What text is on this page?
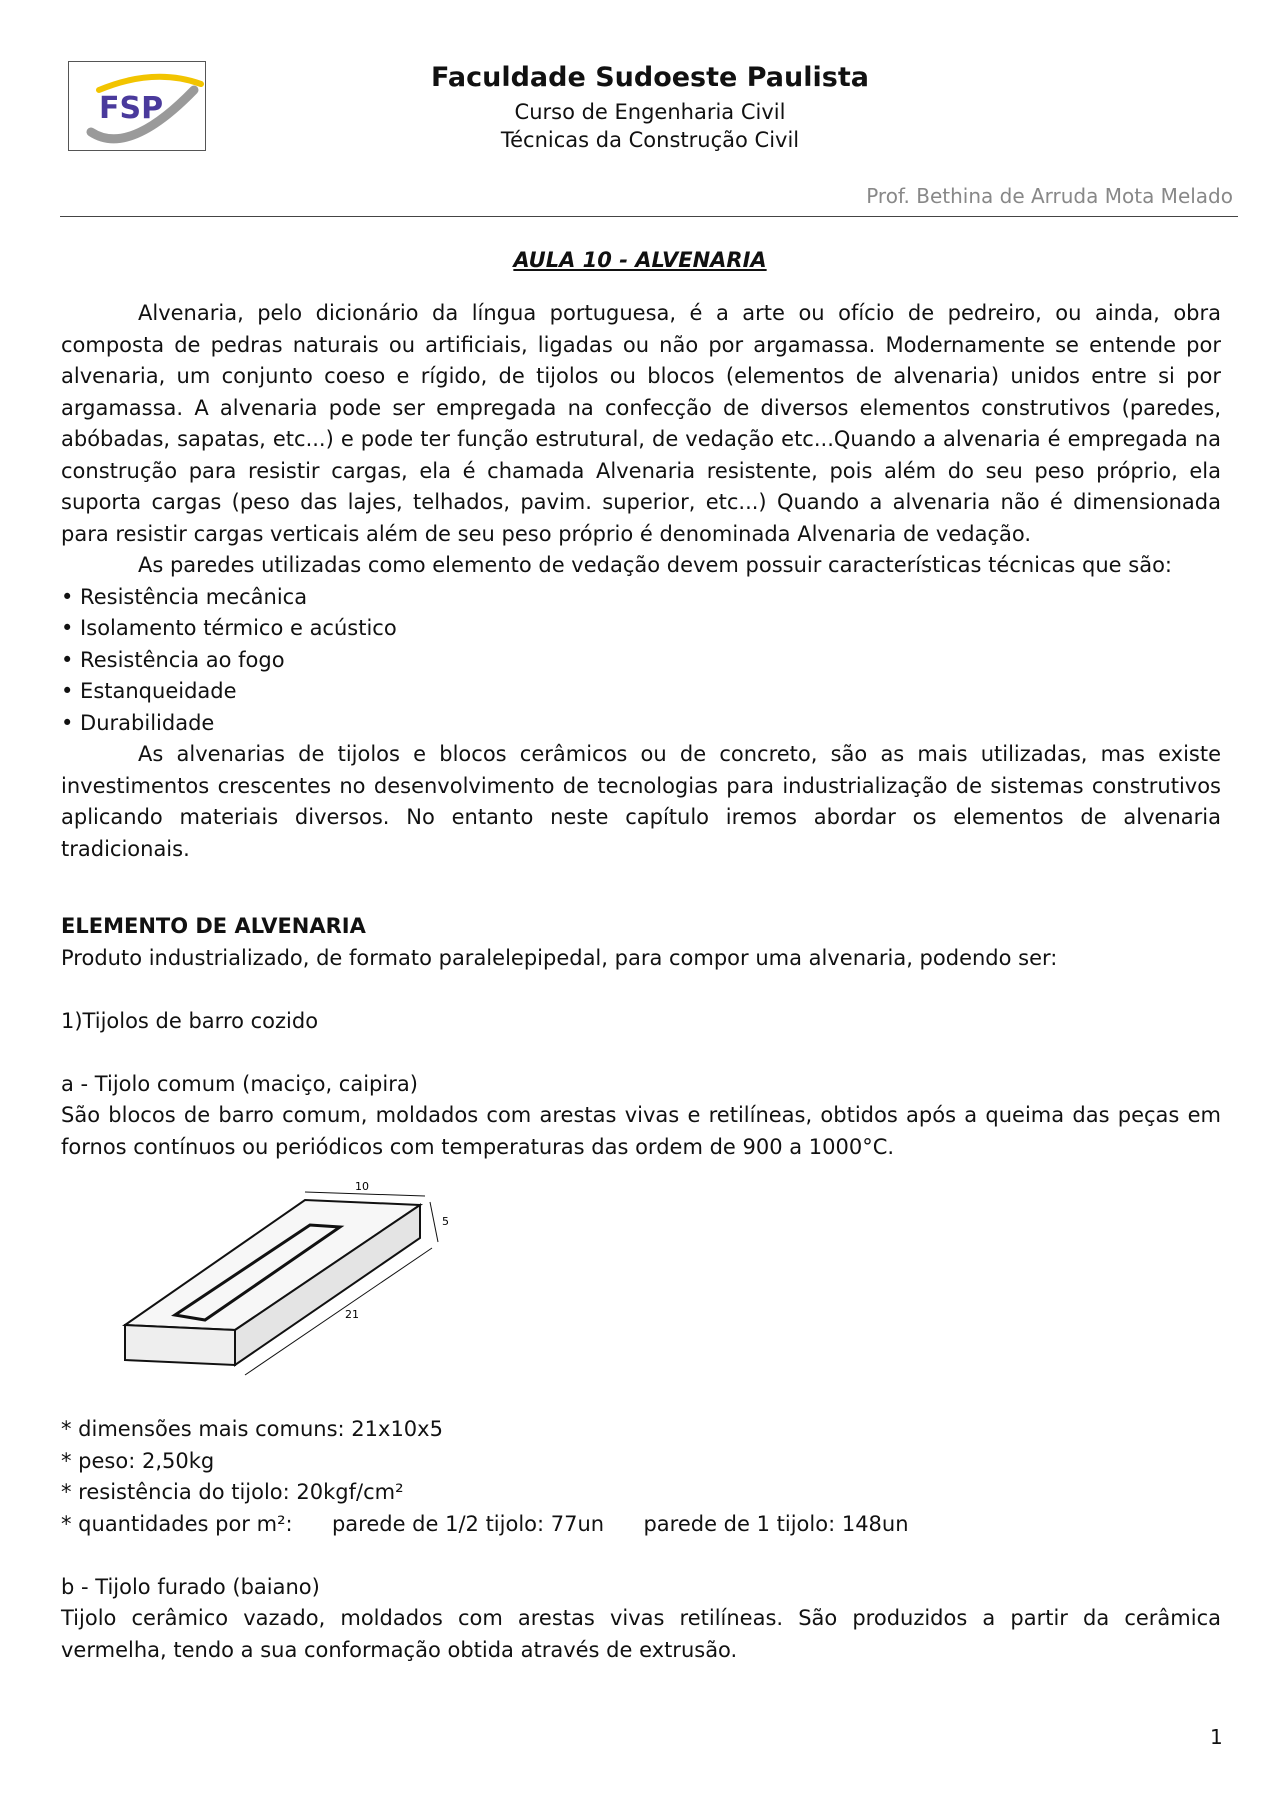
FSP
Faculdade Sudoeste Paulista
Curso de Engenharia Civil
Técnicas da Construção Civil
Prof. Bethina de Arruda Mota Melado
AULA 10 - ALVENARIA

Alvenaria, pelo dicionário da língua portuguesa, é a arte ou ofício de pedreiro, ou ainda, obra composta de pedras naturais ou artificiais, ligadas ou não por argamassa. Modernamente se entende por alvenaria, um conjunto coeso e rígido, de tijolos ou blocos (elementos de alvenaria) unidos entre si por argamassa. A alvenaria pode ser empregada na confecção de diversos elementos construtivos (paredes, abóbadas, sapatas, etc...) e pode ter função estrutural, de vedação etc...Quando a alvenaria é empregada na construção para resistir cargas, ela é chamada Alvenaria resistente, pois além do seu peso próprio, ela suporta cargas (peso das lajes, telhados, pavim. superior, etc...) Quando a alvenaria não é dimensionada para resistir cargas verticais além de seu peso próprio é denominada Alvenaria de vedação.

As paredes utilizadas como elemento de vedação devem possuir características técnicas que são:

• Resistência mecânica

• Isolamento térmico e acústico

• Resistência ao fogo

• Estanqueidade

• Durabilidade

As alvenarias de tijolos e blocos cerâmicos ou de concreto, são as mais utilizadas, mas existe investimentos crescentes no desenvolvimento de tecnologias para industrialização de sistemas construtivos aplicando materiais diversos. No entanto neste capítulo iremos abordar os elementos de alvenaria tradicionais.

ELEMENTO DE ALVENARIA

Produto industrializado, de formato paralelepipedal, para compor uma alvenaria, podendo ser:

1)Tijolos de barro cozido

a - Tijolo comum (maciço, caipira)

São blocos de barro comum, moldados com arestas vivas e retilíneas, obtidos após a queima das peças em fornos contínuos ou periódicos com temperaturas das ordem de 900 a 1000°C.

10
5
21

* dimensões mais comuns: 21x10x5

* peso: 2,50kg

* resistência do tijolo: 20kgf/cm²

* quantidades por m²: parede de 1/2 tijolo: 77un parede de 1 tijolo: 148un

b - Tijolo furado (baiano)

Tijolo cerâmico vazado, moldados com arestas vivas retilíneas. São produzidos a partir da cerâmica vermelha, tendo a sua conformação obtida através de extrusão.

1
